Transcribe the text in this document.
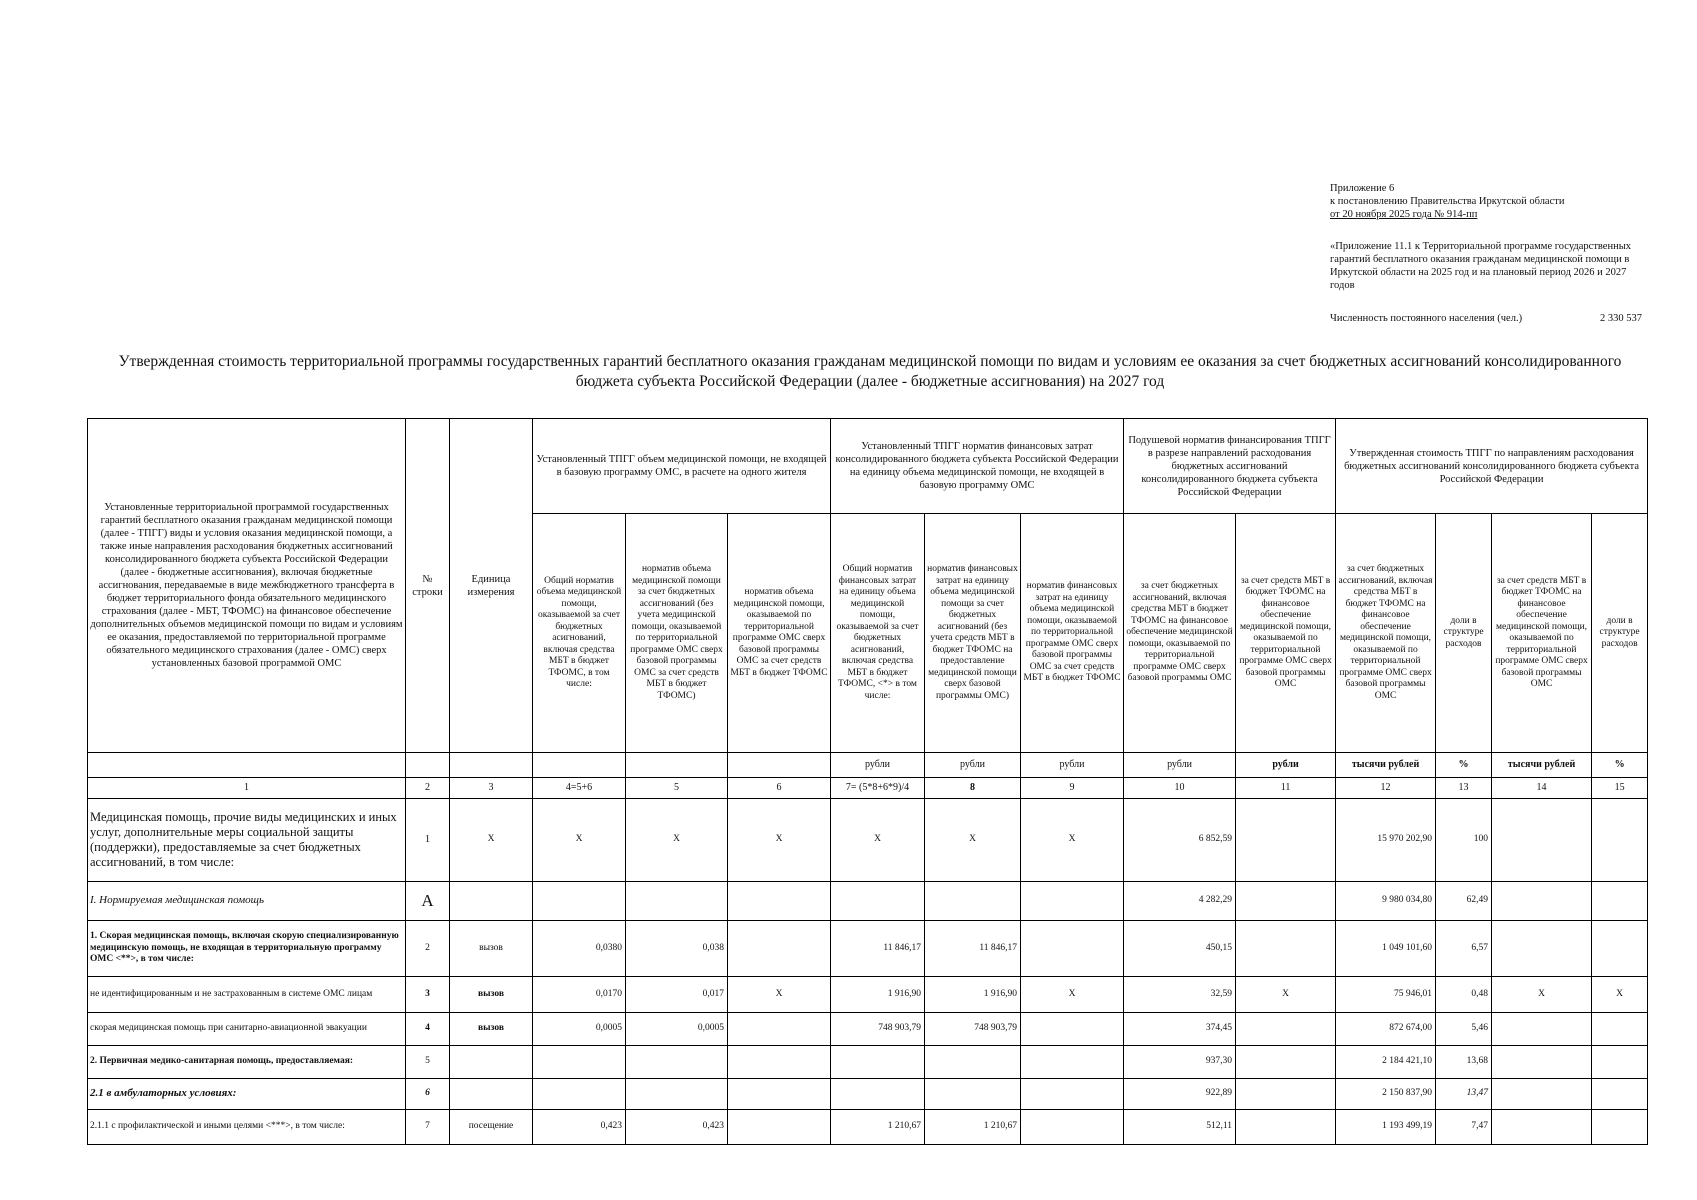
Приложение 6
к постановлению Правительства Иркутской области
от 20 ноября 2025 года № 914-пп
«Приложение 11.1 к Территориальной программе государственных гарантий бесплатного оказания гражданам медицинской помощи в Иркутской области на 2025 год и на плановый период 2026 и 2027 годов
Численность постоянного населения (чел.)	2 330 537
Утвержденная стоимость территориальной программы государственных гарантий бесплатного оказания гражданам медицинской помощи по видам и условиям ее оказания за счет бюджетных ассигнований консолидированного бюджета субъекта Российской Федерации (далее - бюджетные ассигнования) на 2027 год
Установленные территориальной программой государственных гарантий бесплатного оказания гражданам медицинской помощи (далее - ТПГГ) виды и условия оказания медицинской помощи, а также иные направления расходования бюджетных ассигнований консолидированного бюджета субъекта Российской Федерации (далее - бюджетные ассигнования), включая бюджетные ассигнования, передаваемые в виде межбюджетного трансферта в бюджет территориального фонда обязательного медицинского страхования (далее - МБТ, ТФОМС) на финансовое обеспечение дополнительных объемов медицинской помощи по видам и условиям ее оказания, предоставляемой по территориальной программе обязательного медицинского страхования (далее - ОМС) сверх установленных базовой программой ОМС	№ строки	Единица измерения	Установленный ТПГГ объем медицинской помощи, не входящей в базовую программу ОМС, в расчете на одного жителя			Установленный ТПГГ норматив финансовых затрат консолидированного бюджета субъекта Российской Федерации на единицу объема медицинской помощи, не входящей в базовую программу ОМС			Подушевой норматив финансирования ТПГГ в разрезе направлений расходования бюджетных ассигнований консолидированного бюджета субъекта Российской Федерации		Утвержденная стоимость ТПГГ по направлениям расходования бюджетных ассигнований консолидированного бюджета субъекта Российской Федерации			
			Общий норматив объема медицинской помощи, оказываемой за счет бюджетных асигнований, включая средства МБТ в бюджет ТФОМС, в том числе:	норматив объема медицинской помощи за счет бюджетных ассигнований (без учета медицинской помощи, оказываемой по территориальной программе ОМС сверх базовой программы ОМС за счет средств МБТ в бюджет ТФОМС)	норматив объема медицинской помощи, оказываемой по территориальной программе ОМС сверх базовой программы ОМС за счет средств МБТ в бюджет ТФОМС	Общий норматив финансовых затрат на единицу объема медицинской помощи, оказываемой за счет бюджетных асигнований, включая средства МБТ в бюджет ТФОМС, <*> в том числе:	норматив финансовых затрат на единицу объема медицинской помощи за счет бюджетных асигнований (без учета средств МБТ в бюджет ТФОМС на предоставление медицинской помощи сверх базовой программы ОМС)	норматив финансовых затрат на единицу объема медицинской помощи, оказываемой по территориальной программе ОМС сверх базовой программы ОМС за счет средств МБТ в бюджет ТФОМС	за счет бюджетных ассигнований, включая средства МБТ в бюджет ТФОМС на финансовое обеспечение медицинской помощи, оказываемой по территориальной программе ОМС сверх базовой программы ОМС	за счет средств МБТ в бюджет ТФОМС на финансовое обеспечение медицинской помощи, оказываемой по территориальной программе ОМС сверх базовой программы ОМС	за счет бюджетных ассигнований, включая средства МБТ в бюджет ТФОМС на финансовое обеспечение медицинской помощи, оказываемой по территориальной программе ОМС сверх базовой программы ОМС	доли в структуре расходов	за счет средств МБТ в бюджет ТФОМС на финансовое обеспечение медицинской помощи, оказываемой по территориальной программе ОМС сверх базовой программы ОМС	доли в структуре расходов
						рубли	рубли	рубли	рубли	рубли	тысячи рублей	%	тысячи рублей	%
1	2	3	4=5+6	5	6	7= (5*8+6*9)/4	8	9	10	11	12	13	14	15
Медицинская помощь, прочие виды медицинских и иных услуг, дополнительные меры социальной защиты (поддержки), предоставляемые за счет бюджетных ассигнований, в том числе:	1	Х	Х	Х	Х	Х	Х	Х	6 852,59		15 970 202,90	100		
I. Нормируемая медицинская помощь	А								4 282,29		9 980 034,80	62,49		
1. Скорая медицинская помощь, включая скорую специализированную медицинскую помощь, не входящая в территориальную программу ОМС <**>, в том числе:	2	вызов	0,0380	0,038		11 846,17	11 846,17		450,15		1 049 101,60	6,57		
не идентифицированным и не застрахованным в системе ОМС лицам	3	вызов	0,0170	0,017	Х	1 916,90	1 916,90	Х	32,59	Х	75 946,01	0,48	Х	Х
скорая медицинская помощь при санитарно-авиационной эвакуации	4	вызов	0,0005	0,0005		748 903,79	748 903,79		374,45		872 674,00	5,46		
2. Первичная медико-санитарная помощь, предоставляемая:	5								937,30		2 184 421,10	13,68		
2.1 в амбулаторных условиях:	6								922,89		2 150 837,90	13,47		
2.1.1 с профилактической и иными целями <***>, в том числе:	7	посещение	0,423	0,423		1 210,67	1 210,67		512,11		1 193 499,19	7,47		
